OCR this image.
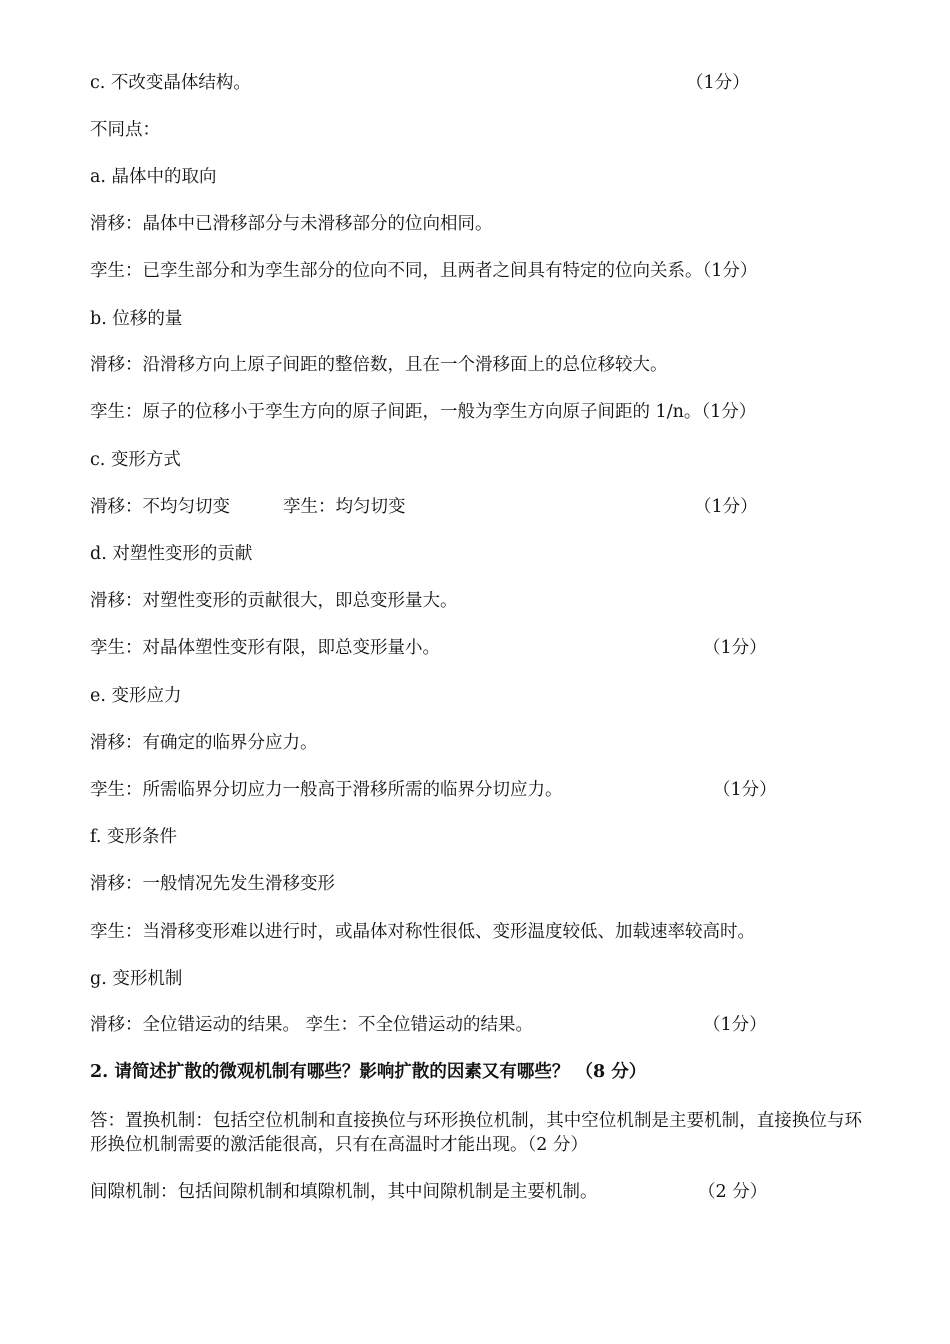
c. 不改变晶体结构。	（1分）
不同点：
a. 晶体中的取向
滑移：晶体中已滑移部分与未滑移部分的位向相同。
孪生：已孪生部分和为孪生部分的位向不同，且两者之间具有特定的位向关系。（1分）
b. 位移的量
滑移：沿滑移方向上原子间距的整倍数，且在一个滑移面上的总位移较大。
孪生：原子的位移小于孪生方向的原子间距，一般为孪生方向原子间距的 1/n。（1分）
c. 变形方式
滑移：不均匀切变	孪生：均匀切变	（1分）
d. 对塑性变形的贡献
滑移：对塑性变形的贡献很大，即总变形量大。
孪生：对晶体塑性变形有限，即总变形量小。	（1分）
e. 变形应力
滑移：有确定的临界分应力。
孪生：所需临界分切应力一般高于滑移所需的临界分切应力。	（1分）
f. 变形条件
滑移：一般情况先发生滑移变形
孪生：当滑移变形难以进行时，或晶体对称性很低、变形温度较低、加载速率较高时。
g. 变形机制
滑移：全位错运动的结果。 孪生：不全位错运动的结果。	（1分）
2. 请简述扩散的微观机制有哪些？影响扩散的因素又有哪些？ （8 分）
答：置换机制：包括空位机制和直接换位与环形换位机制，其中空位机制是主要机制，直接换位与环形换位机制需要的激活能很高，只有在高温时才能出现。（2 分）
间隙机制：包括间隙机制和填隙机制，其中间隙机制是主要机制。	（2 分）
